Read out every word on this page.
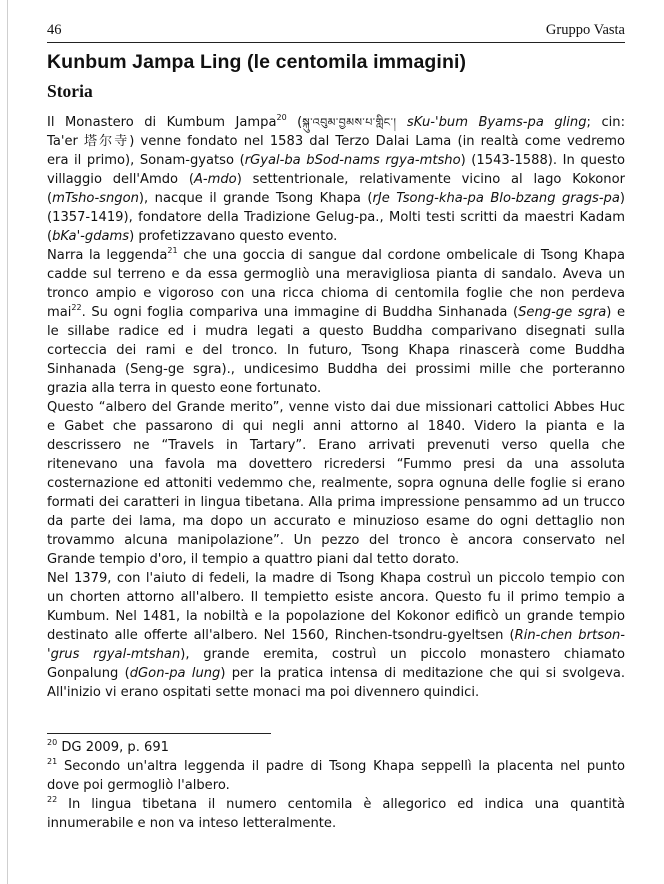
46	Gruppo Vasta
Kunbum Jampa Ling (le centomila immagini)
Storia

Il Monastero di Kumbum Jampa$^{20}$ (སྐུ་འབུམ་བྱམས་པ་གླིང་། sKu-'bum Byams-pa gling; cin:
Ta'er 塔尔寺) venne fondato nel 1583 dal Terzo Dalai Lama (in realtà come vedremo
era il primo), Sonam-gyatso (rGyal-ba bSod-nams rgya-mtsho) (1543-1588). In questo
villaggio dell'Amdo (A-mdo) settentrionale, relativamente vicino al lago Kokonor
(mTsho-sngon), nacque il grande Tsong Khapa (rJe Tsong-kha-pa Blo-bzang grags-pa)
(1357-1419), fondatore della Tradizione Gelug-pa., Molti testi scritti da maestri Kadam
(bKa'-gdams) profetizzavano questo evento.

Narra la leggenda$^{21}$ che una goccia di sangue dal cordone ombelicale di Tsong Khapa
cadde sul terreno e da essa germogliò una meravigliosa pianta di sandalo. Aveva un
tronco ampio e vigoroso con una ricca chioma di centomila foglie che non perdeva
mai$^{22}$. Su ogni foglia compariva una immagine di Buddha Sinhanada (Seng-ge sgra) e
le sillabe radice ed i mudra legati a questo Buddha comparivano disegnati sulla
corteccia dei rami e del tronco. In futuro, Tsong Khapa rinascerà come Buddha
Sinhanada (Seng-ge sgra)., undicesimo Buddha dei prossimi mille che porteranno
grazia alla terra in questo eone fortunato.

Questo “albero del Grande merito”, venne visto dai due missionari cattolici Abbes Huc
e Gabet che passarono di qui negli anni attorno al 1840. Videro la pianta e la
descrissero ne “Travels in Tartary”. Erano arrivati prevenuti verso quella che
ritenevano una favola ma dovettero ricredersi “Fummo presi da una assoluta
costernazione ed attoniti vedemmo che, realmente, sopra ognuna delle foglie si erano
formati dei caratteri in lingua tibetana. Alla prima impressione pensammo ad un trucco
da parte dei lama, ma dopo un accurato e minuzioso esame do ogni dettaglio non
trovammo alcuna manipolazione”. Un pezzo del tronco è ancora conservato nel
Grande tempio d'oro, il tempio a quattro piani dal tetto dorato.

Nel 1379, con l'aiuto di fedeli, la madre di Tsong Khapa costruì un piccolo tempio con
un chorten attorno all'albero. Il tempietto esiste ancora. Questo fu il primo tempio a
Kumbum. Nel 1481, la nobiltà e la popolazione del Kokonor edificò un grande tempio
destinato alle offerte all'albero. Nel 1560, Rinchen-tsondru-gyeltsen (Rin-chen brtson-
'grus rgyal-mtshan), grande eremita, costruì un piccolo monastero chiamato
Gonpalung (dGon-pa lung) per la pratica intensa di meditazione che qui si svolgeva.
All'inizio vi erano ospitati sette monaci ma poi divennero quindici.

$^{20}$ DG 2009, p. 691

$^{21}$ Secondo un'altra leggenda il padre di Tsong Khapa seppellì la placenta nel punto
dove poi germogliò l'albero.

$^{22}$ In lingua tibetana il numero centomila è allegorico ed indica una quantità
innumerabile e non va inteso letteralmente.
